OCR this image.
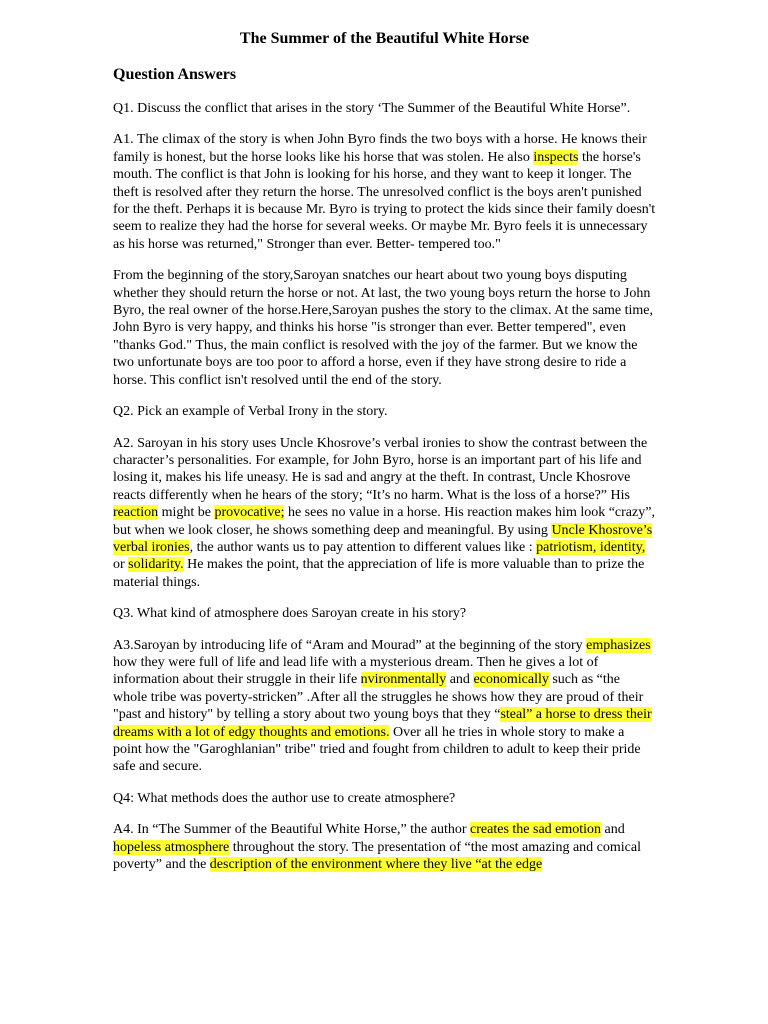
The Summer of the Beautiful White Horse
Question Answers

Q1. Discuss the conflict that arises in the story ‘The Summer of the Beautiful White Horse”.

A1. The climax of the story is when John Byro finds the two boys with a horse. He knows their family is honest, but the horse looks like his horse that was stolen. He also inspects the horse's mouth. The conflict is that John is looking for his horse, and they want to keep it longer. The theft is resolved after they return the horse. The unresolved conflict is the boys aren't punished for the theft. Perhaps it is because Mr. Byro is trying to protect the kids since their family doesn't seem to realize they had the horse for several weeks. Or maybe Mr. Byro feels it is unnecessary as his horse was returned," Stronger than ever. Better- tempered too."

From the beginning of the story,Saroyan snatches our heart about two young boys disputing whether they should return the horse or not. At last, the two young boys return the horse to John Byro, the real owner of the horse.Here,Saroyan pushes the story to the climax. At the same time, John Byro is very happy, and thinks his horse "is stronger than ever. Better tempered", even "thanks God." Thus, the main conflict is resolved with the joy of the farmer. But we know the two unfortunate boys are too poor to afford a horse, even if they have strong desire to ride a horse. This conflict isn't resolved until the end of the story.

Q2. Pick an example of Verbal Irony in the story.

A2. Saroyan in his story uses Uncle Khosrove’s verbal ironies to show the contrast between the character’s personalities. For example, for John Byro, horse is an important part of his life and losing it, makes his life uneasy. He is sad and angry at the theft. In contrast, Uncle Khosrove reacts differently when he hears of the story; “It’s no harm. What is the loss of a horse?” His reaction might be provocative; he sees no value in a horse. His reaction makes him look “crazy”, but when we look closer, he shows something deep and meaningful. By using Uncle Khosrove’s verbal ironies, the author wants us to pay attention to different values like : patriotism, identity, or solidarity. He makes the point, that the appreciation of life is more valuable than to prize the material things.

Q3. What kind of atmosphere does Saroyan create in his story?

A3.Saroyan by introducing life of “Aram and Mourad” at the beginning of the story emphasizes how they were full of life and lead life with a mysterious dream. Then he gives a lot of information about their struggle in their life nvironmentally and economically such as “the whole tribe was poverty-stricken” .After all the struggles he shows how they are proud of their "past and history" by telling a story about two young boys that they “steal” a horse to dress their dreams with a lot of edgy thoughts and emotions. Over all he tries in whole story to make a point how the "Garoghlanian" tribe" tried and fought from children to adult to keep their pride safe and secure.

Q4: What methods does the author use to create atmosphere?

A4. In “The Summer of the Beautiful White Horse,” the author creates the sad emotion and hopeless atmosphere throughout the story. The presentation of “the most amazing and comical poverty” and the description of the environment where they live “at the edge
